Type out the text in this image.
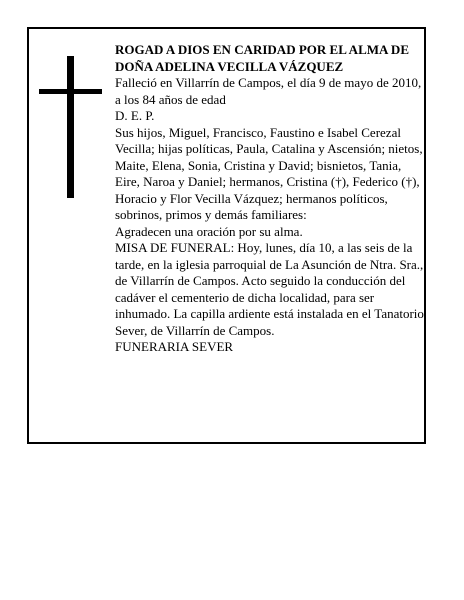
ROGAD A DIOS EN CARIDAD POR EL ALMA DE

DOÑA ADELINA VECILLA VÁZQUEZ

Falleció en Villarrín de Campos, el día 9 de mayo de 2010, a los 84 años de edad

D. E. P.

Sus hijos, Miguel, Francisco, Faustino e Isabel Cerezal Vecilla; hijas políticas, Paula, Catalina y Ascensión; nietos, Maite, Elena, Sonia, Cristina y David; bisnietos, Tania, Eire, Naroa y Daniel; hermanos, Cristina (†), Federico (†), Horacio y Flor Vecilla Vázquez; hermanos políticos, sobrinos, primos y demás familiares:

Agradecen una oración por su alma.

MISA DE FUNERAL: Hoy, lunes, día 10, a las seis de la tarde, en la iglesia parroquial de La Asunción de Ntra. Sra., de Villarrín de Campos. Acto seguido la conducción del cadáver el cementerio de dicha localidad, para ser inhumado. La capilla ardiente está instalada en el Tanatorio Sever, de Villarrín de Campos.

FUNERARIA SEVER
